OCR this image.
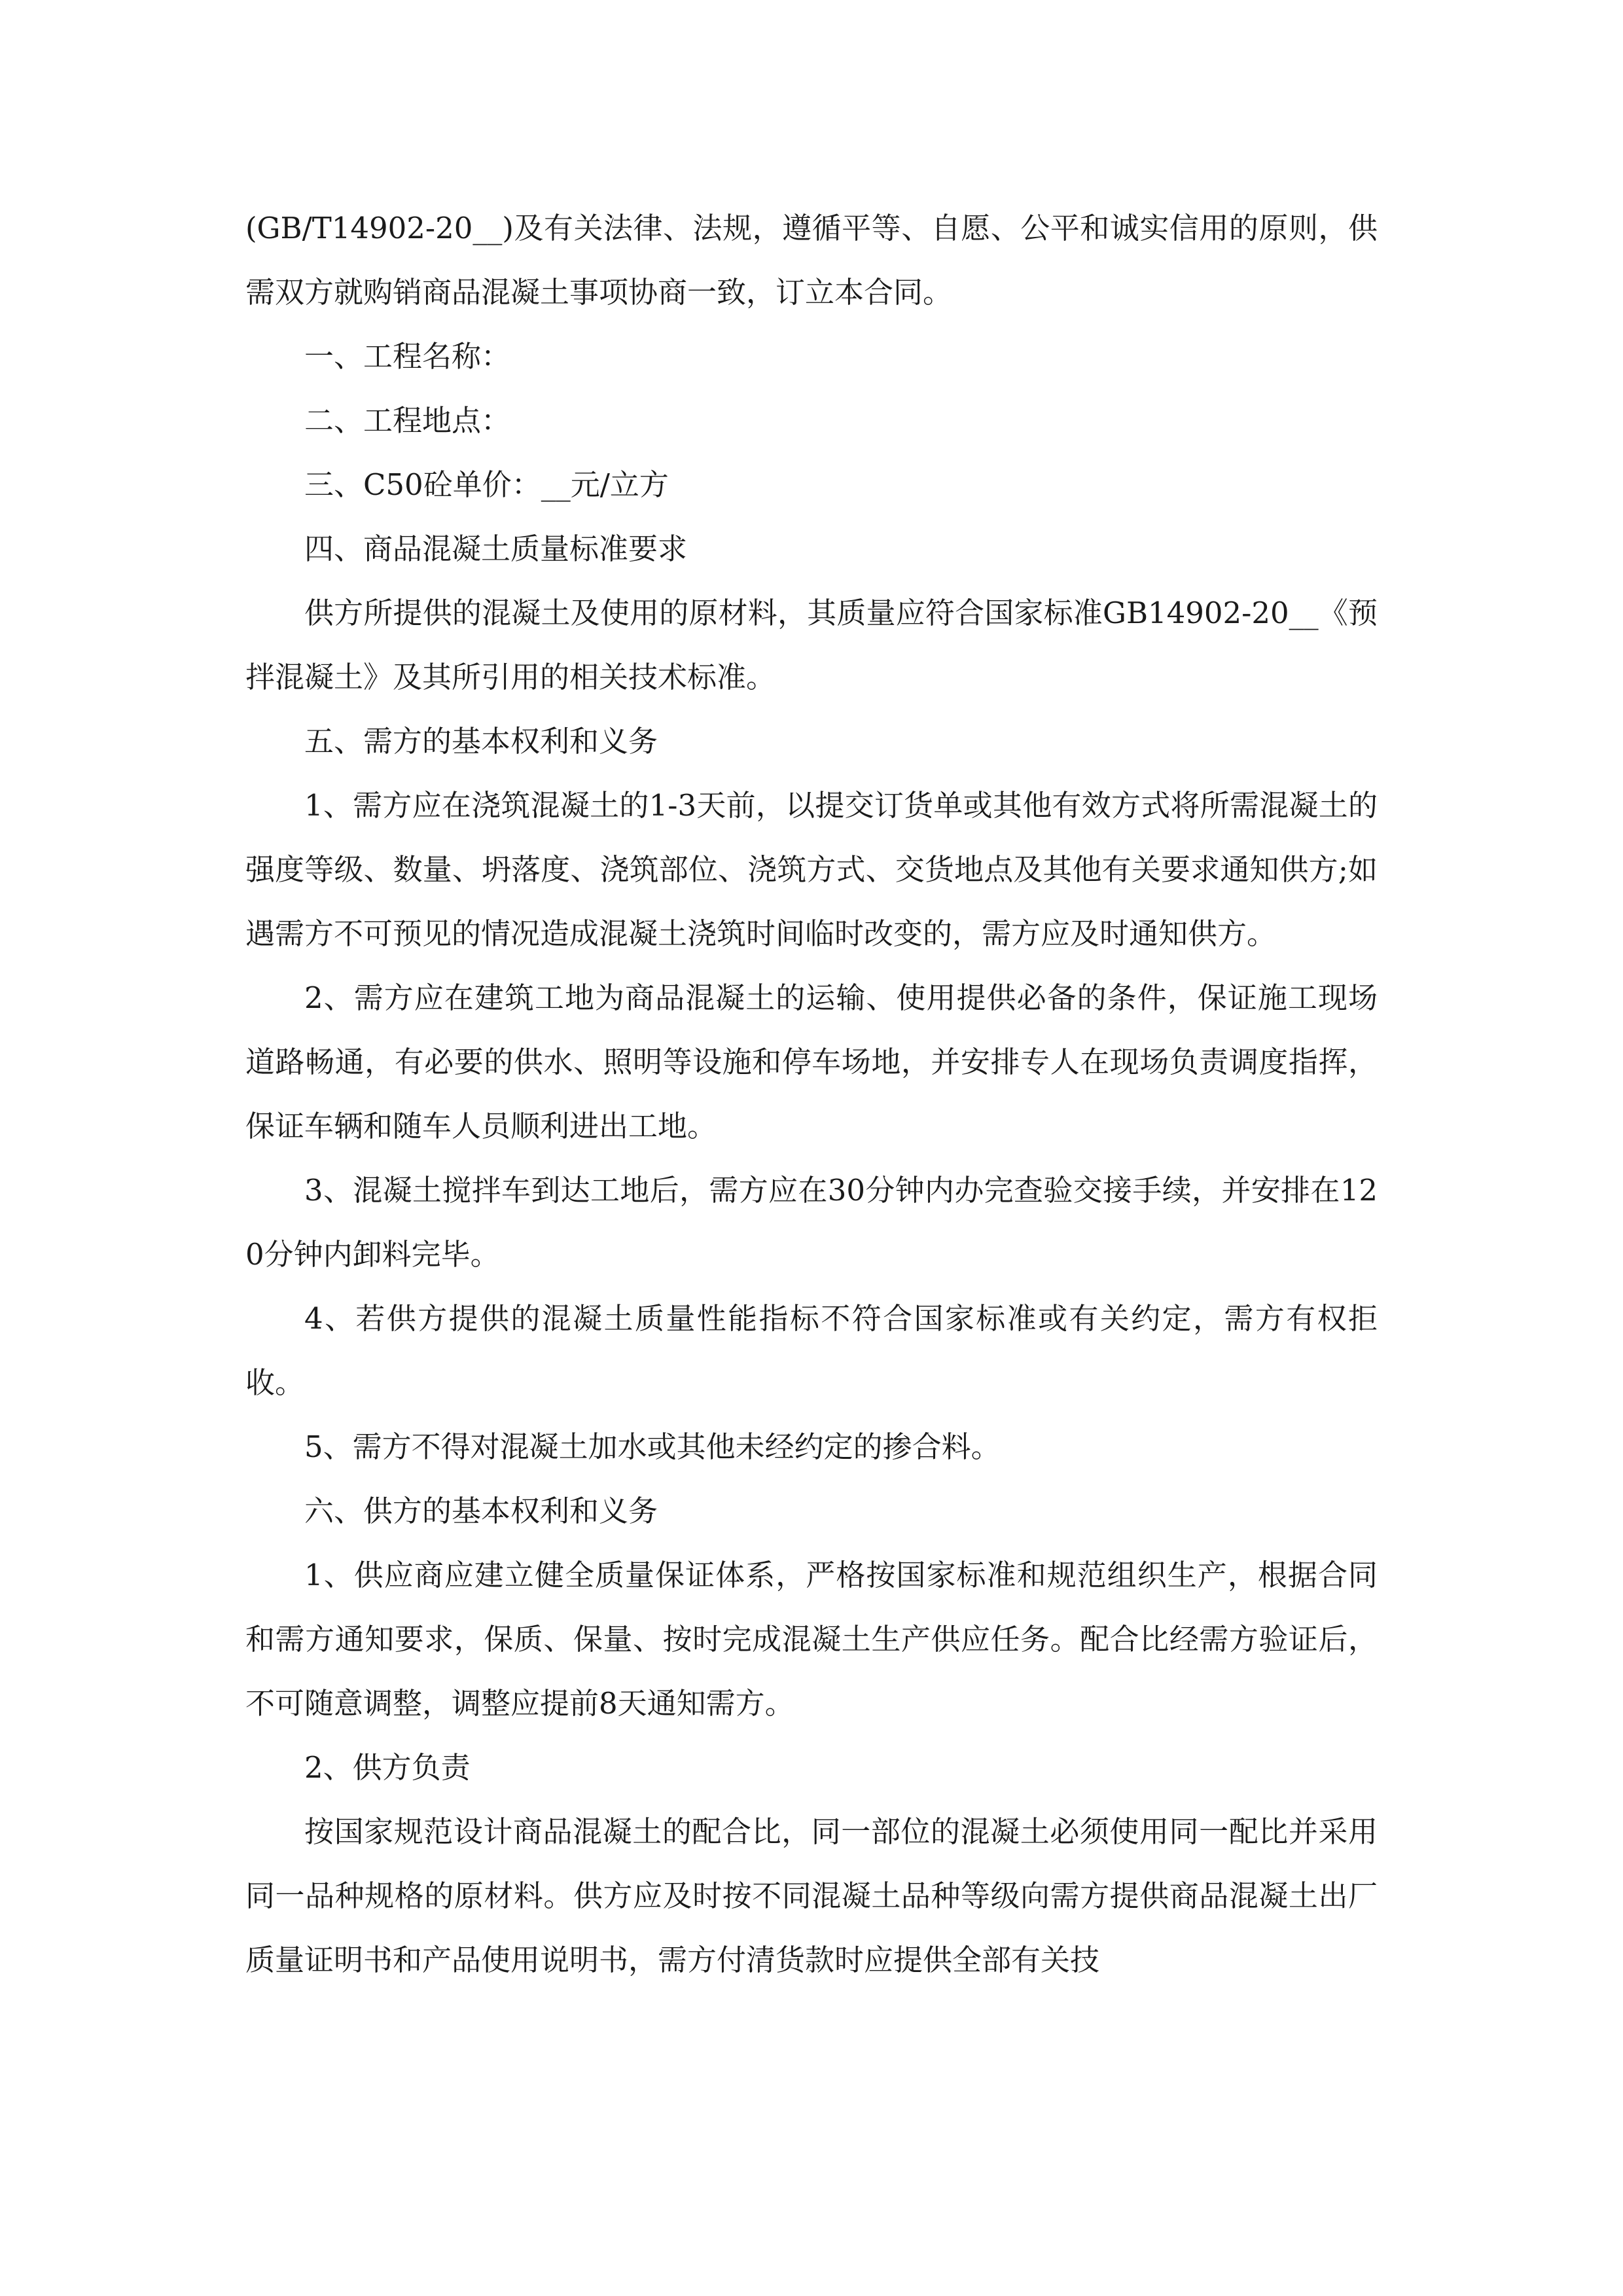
(GB/T14902-20__)及有关法律、法规，遵循平等、自愿、公平和诚实信用的原则，供需双方就购销商品混凝土事项协商一致，订立本合同。

一、工程名称：

二、工程地点：

三、C50砼单价：__元/立方

四、商品混凝土质量标准要求

供方所提供的混凝土及使用的原材料，其质量应符合国家标准GB14902-20__《预拌混凝土》及其所引用的相关技术标准。

五、需方的基本权利和义务

1、需方应在浇筑混凝土的1-3天前，以提交订货单或其他有效方式将所需混凝土的强度等级、数量、坍落度、浇筑部位、浇筑方式、交货地点及其他有关要求通知供方;如遇需方不可预见的情况造成混凝土浇筑时间临时改变的，需方应及时通知供方。

2、需方应在建筑工地为商品混凝土的运输、使用提供必备的条件，保证施工现场道路畅通，有必要的供水、照明等设施和停车场地，并安排专人在现场负责调度指挥，保证车辆和随车人员顺利进出工地。

3、混凝土搅拌车到达工地后，需方应在30分钟内办完查验交接手续，并安排在120分钟内卸料完毕。

4、若供方提供的混凝土质量性能指标不符合国家标准或有关约定，需方有权拒收。

5、需方不得对混凝土加水或其他未经约定的掺合料。

六、供方的基本权利和义务

1、供应商应建立健全质量保证体系，严格按国家标准和规范组织生产，根据合同和需方通知要求，保质、保量、按时完成混凝土生产供应任务。配合比经需方验证后，不可随意调整，调整应提前8天通知需方。

2、供方负责

按国家规范设计商品混凝土的配合比，同一部位的混凝土必须使用同一配比并采用同一品种规格的原材料。供方应及时按不同混凝土品种等级向需方提供商品混凝土出厂质量证明书和产品使用说明书，需方付清货款时应提供全部有关技
